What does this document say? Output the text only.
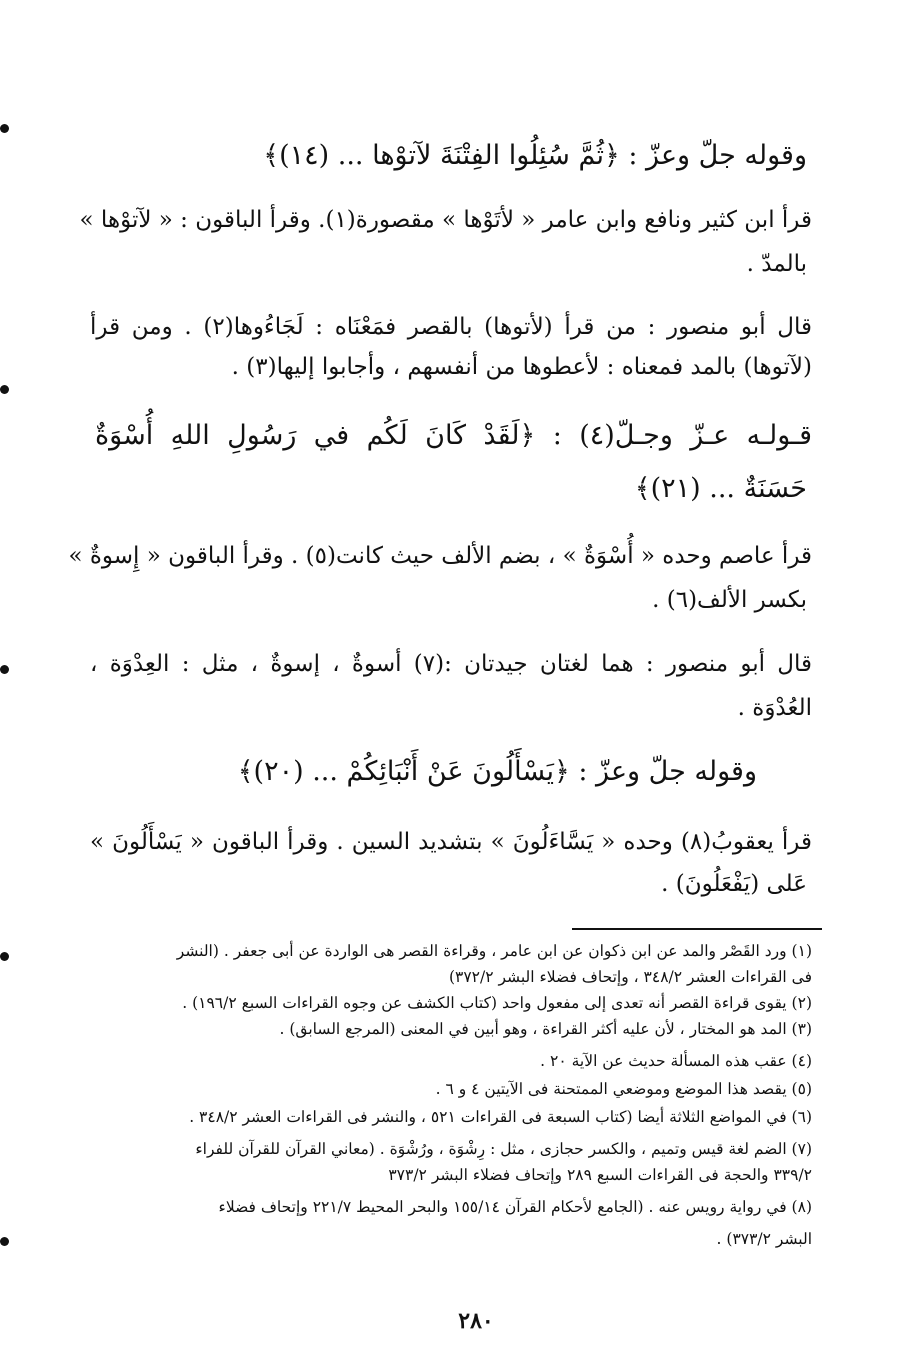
وقوله جلّ وعزّ : ﴿ثُمَّ سُئِلُوا الفِتْنَةَ لآتوْها ... (١٤)﴾
قرأ ابن كثير ونافع وابن عامر « لأتَوْها » مقصورة(١). وقرأ الباقون : « لآتوْها »
بالمدّ .
قال أبو منصور : من قرأ (لأتوها) بالقصر فمَعْنَاه : لَجَاءُوها(٢) . ومن قرأ
(لآتوها) بالمد فمعناه : لأعطوها من أنفسهم ، وأجابوا إليها(٣) .
قـولـه عـزّ وجـلّ(٤) : ﴿لَقَدْ كَانَ لَكُم في رَسُولِ اللهِ أُسْوَةٌ
حَسَنَةٌ ... (٢١)﴾
قرأ عاصم وحده « أُسْوَةٌ » ، بضم الألف حيث كانت(٥) . وقرأ الباقون « إِسوةٌ »
بكسر الألف(٦) .
قال أبو منصور : هما لغتان جيدتان :(٧) أسوةٌ ، إسوةٌ ، مثل : العِدْوَة ،
العُدْوَة .
وقوله جلّ وعزّ : ﴿يَسْأَلُونَ عَنْ أَنْبَائِكُمْ ... (٢٠)﴾
قرأ يعقوبُ(٨) وحده « يَسَّاءَلُونَ » بتشديد السين . وقرأ الباقون « يَسْأَلُونَ »
عَلى (يَفْعَلُونَ) .
(١) ورد القَصْر والمد عن ابن ذكوان عن ابن عامر ، وقراءة القصر هى الواردة عن أبى جعفر . (النشر
فى القراءات العشر ٣٤٨/٢ ، وإتحاف فضلاء البشر ٣٧٢/٢)
(٢) يقوى قراءة القصر أنه تعدى إلى مفعول واحد (كتاب الكشف عن وجوه القراءات السبع ١٩٦/٢) .
(٣) المد هو المختار ، لأن عليه أكثر القراءة ، وهو أبين في المعنى (المرجع السابق) .
(٤) عقب هذه المسألة حديث عن الآية ٢٠ .
(٥) يقصد هذا الموضع وموضعي الممتحنة فى الآيتين ٤ و ٦ .
(٦) في المواضع الثلاثة أيضا (كتاب السبعة فى القراءات ٥٢١ ، والنشر فى القراءات العشر ٣٤٨/٢ .
(٧) الضم لغة قيس وتميم ، والكسر حجازى ، مثل : رِشْوَة ، ورُشْوَة . (معاني القرآن للقرآن للفراء
٣٣٩/٢ والحجة فى القراءات السبع ٢٨٩ وإتحاف فضلاء البشر ٣٧٣/٢
(٨) في رواية رويس عنه . (الجامع لأحكام القرآن ١٥٥/١٤ والبحر المحيط ٢٢١/٧ وإتحاف فضلاء
البشر ٣٧٣/٢) .
٢٨٠
